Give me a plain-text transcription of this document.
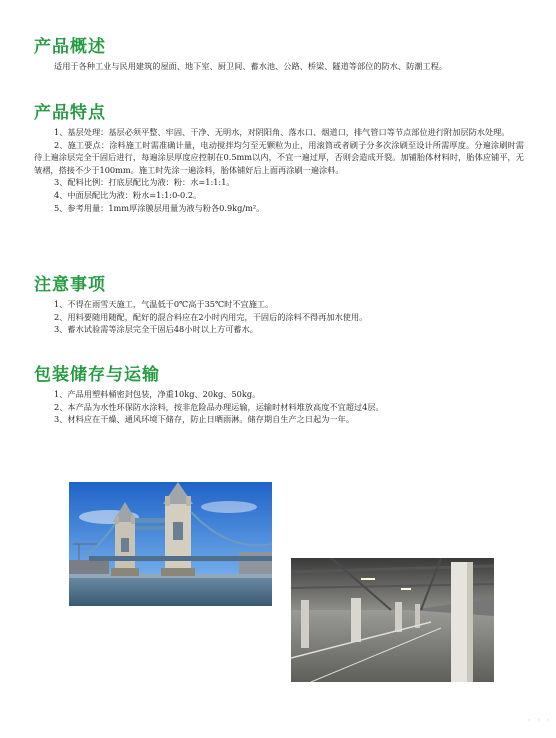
产品概述

适用于各种工业与民用建筑的屋面、地下室、厨卫间、蓄水池、公路、桥梁、隧道等部位的防水、防潮工程。

产品特点

1、基层处理：基层必须平整、牢固、干净、无明水，对阴阳角、落水口、烟道口，排气管口等节点部位进行附加层防水处理。

2、施工要点：涂料施工时需准确计量，电动搅拌均匀至无颗粒为止，用滚筒或者刷子分多次涂刷至设计所需厚度。分遍涂刷时需待上遍涂层完全干固后进行，每遍涂层厚度应控制在0.5mm以内，不宜一遍过厚，否则会造成开裂。加铺胎体材料时，胎体应铺平，无皱褶，搭接不少于100mm。施工时先涂一遍涂料，胎体铺好后上面再涂刷一遍涂料。

3、配料比例：打底层配比为液：粉：水=1:1:1。

4、中面层配比为液：粉水=1:1:0-0.2。

5、参考用量：1mm厚涂膜层用量为液与粉各0.9kg/m²。

注意事项

1、不得在雨雪天施工，气温低于0℃高于35℃时不宜施工。

2、用料要随用随配，配好的混合料应在2小时内用完，干固后的涂料不得再加水使用。

3、蓄水试验需等涂层完全干固后48小时以上方可蓄水。

包装储存与运输

1、产品用塑料桶密封包装，净重10kg、20kg、50kg。

2、本产品为水性环保防水涂料，按非危险品办理运输，运输时材料堆放高度不宜超过4层。

3、材料应在干燥、通风环境下储存，防止日晒雨淋。储存期自生产之日起为一年。

· · ·
